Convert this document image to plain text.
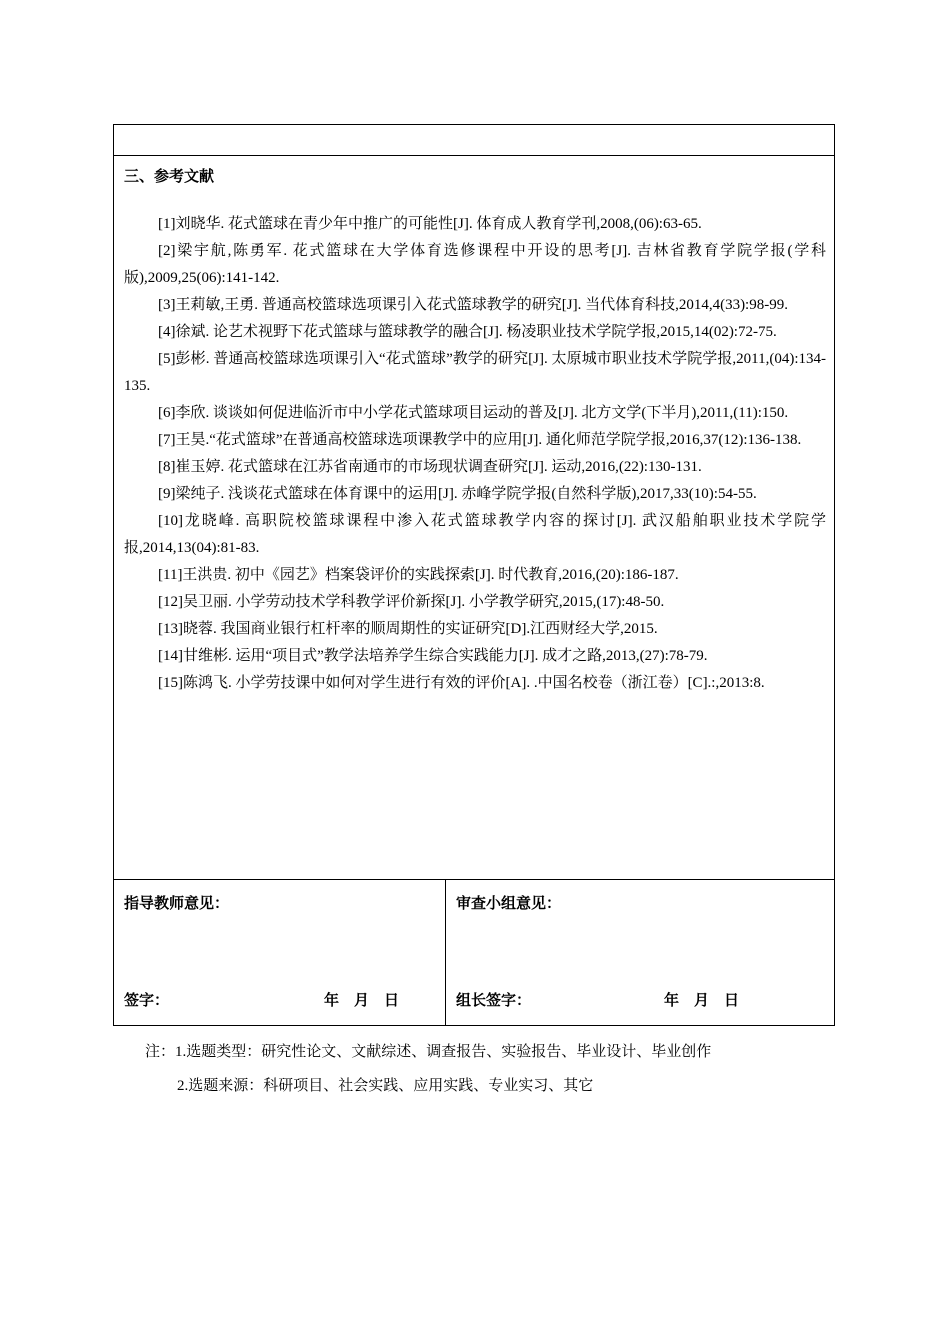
三、参考文献

[1]刘晓华. 花式篮球在青少年中推广的可能性[J]. 体育成人教育学刊,2008,(06):63-65.

[2]梁宇航,陈勇军. 花式篮球在大学体育选修课程中开设的思考[J]. 吉林省教育学院学报(学科版),2009,25(06):141-142.

[3]王莉敏,王勇. 普通高校篮球选项课引入花式篮球教学的研究[J]. 当代体育科技,2014,4(33):98-99.

[4]徐斌. 论艺术视野下花式篮球与篮球教学的融合[J]. 杨凌职业技术学院学报,2015,14(02):72-75.

[5]彭彬. 普通高校篮球选项课引入“花式篮球”教学的研究[J]. 太原城市职业技术学院学报,2011,(04):134-135.

[6]李欣. 谈谈如何促进临沂市中小学花式篮球项目运动的普及[J]. 北方文学(下半月),2011,(11):150.

[7]王昊.“花式篮球”在普通高校篮球选项课教学中的应用[J]. 通化师范学院学报,2016,37(12):136-138.

[8]崔玉婷. 花式篮球在江苏省南通市的市场现状调查研究[J]. 运动,2016,(22):130-131.

[9]梁纯子. 浅谈花式篮球在体育课中的运用[J]. 赤峰学院学报(自然科学版),2017,33(10):54-55.

[10]龙晓峰. 高职院校篮球课程中渗入花式篮球教学内容的探讨[J]. 武汉船舶职业技术学院学报,2014,13(04):81-83.

[11]王洪贵. 初中《园艺》档案袋评价的实践探索[J]. 时代教育,2016,(20):186-187.

[12]吴卫丽. 小学劳动技术学科教学评价新探[J]. 小学教学研究,2015,(17):48-50.

[13]晓蓉. 我国商业银行杠杆率的顺周期性的实证研究[D].江西财经大学,2015.

[14]甘维彬. 运用“项目式”教学法培养学生综合实践能力[J]. 成才之路,2013,(27):78-79.

[15]陈鸿飞. 小学劳技课中如何对学生进行有效的评价[A]. .中国名校卷（浙江卷）[C].:,2013:8.

指导教师意见：
签字：	年　月　日
审查小组意见：
组长签字：	年　月　日
注：1.选题类型：研究性论文、文献综述、调查报告、实验报告、毕业设计、毕业创作
2.选题来源：科研项目、社会实践、应用实践、专业实习、其它
